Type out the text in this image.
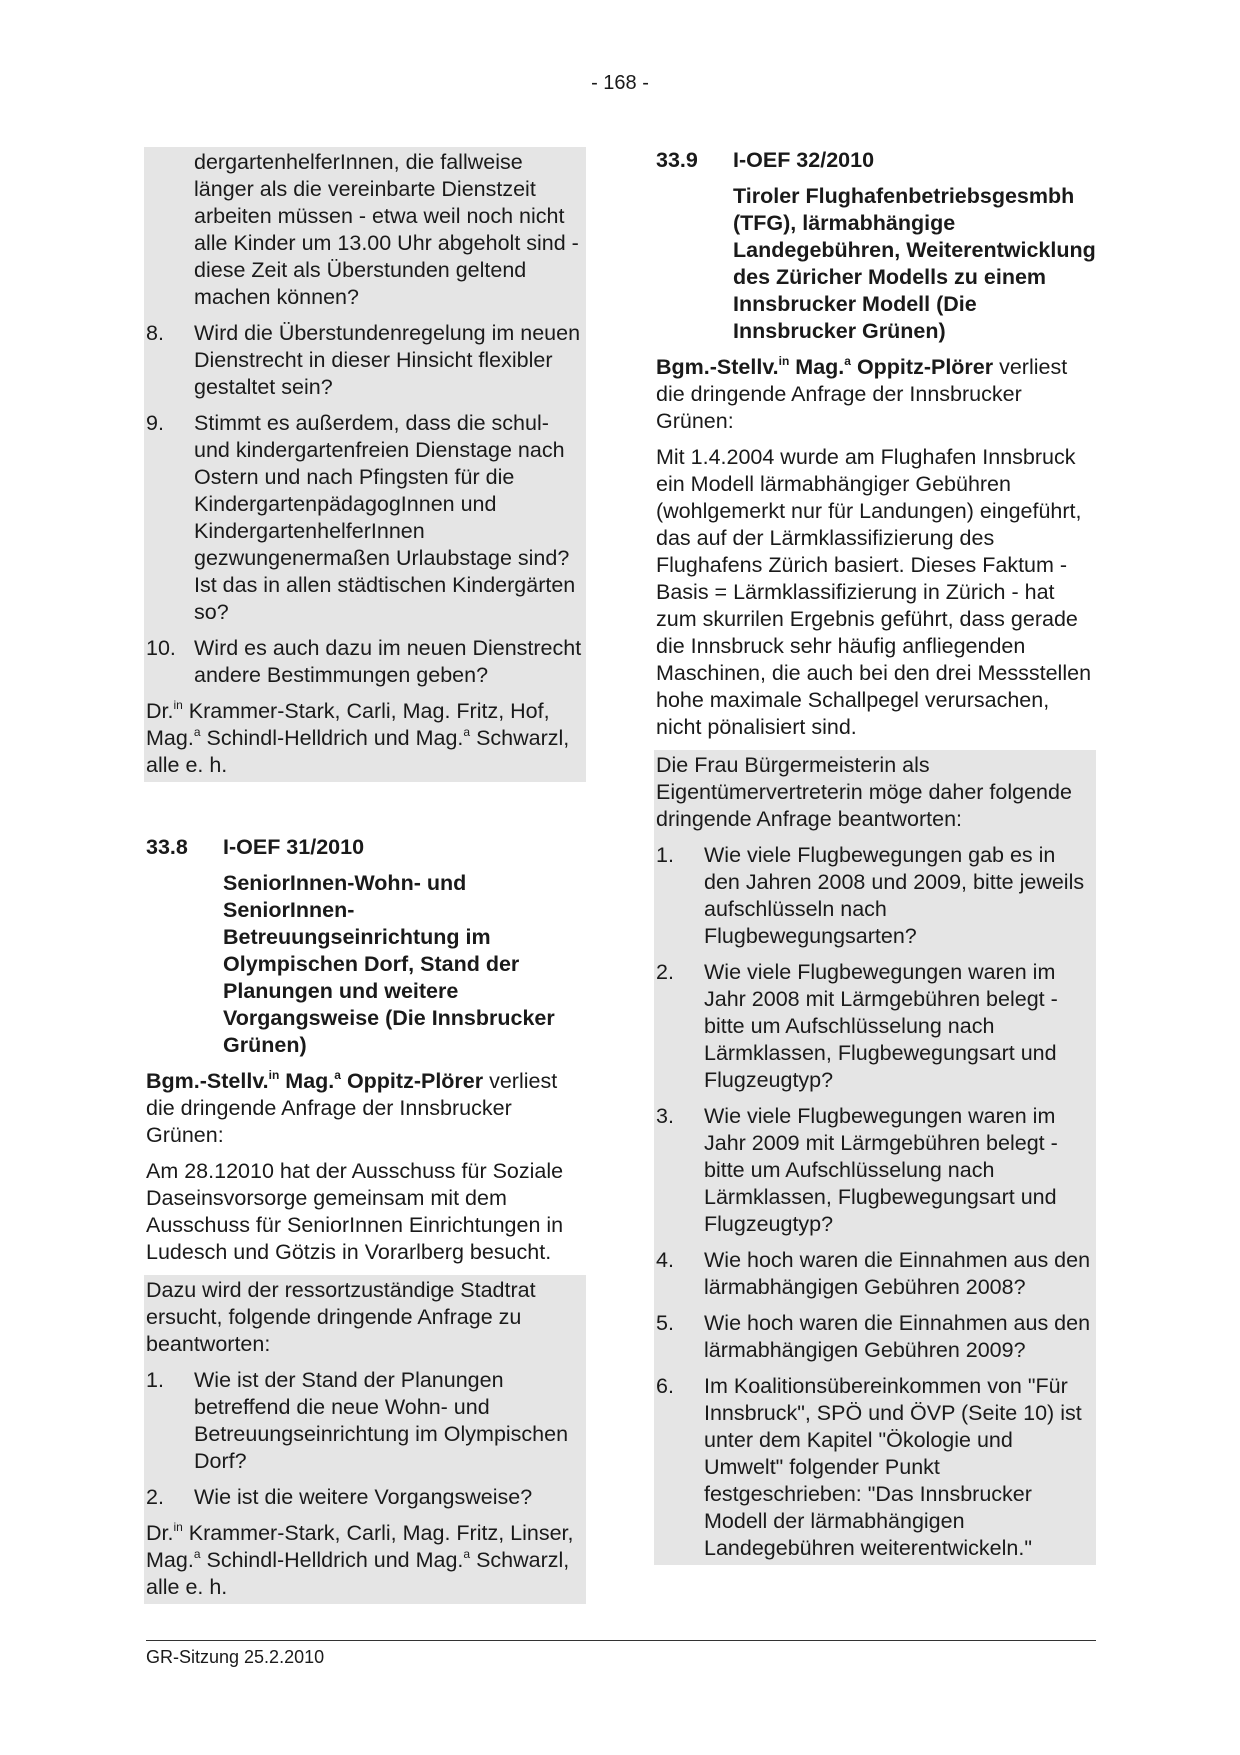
- 168 -
dergartenhelferInnen, die fallweise länger als die vereinbarte Dienstzeit arbeiten müssen - etwa weil noch nicht alle Kinder um 13.00 Uhr abgeholt sind - diese Zeit als Überstunden geltend machen können?
8.	Wird die Überstundenregelung im neuen Dienstrecht in dieser Hinsicht flexibler gestaltet sein?
9.	Stimmt es außerdem, dass die schul- und kindergartenfreien Dienstage nach Ostern und nach Pfingsten für die KindergartenpädagogInnen und KindergartenhelferInnen gezwungenermaßen Urlaubstage sind? Ist das in allen städtischen Kindergärten so?
10. Wird es auch dazu im neuen Dienstrecht andere Bestimmungen geben?

Dr.$^{in}$ Krammer-Stark, Carli, Mag. Fritz, Hof, Mag.$^a$ Schindl-Helldrich und Mag.$^a$ Schwarzl, alle e. h.

33.8	I-OEF 31/2010
SeniorInnen-Wohn- und SeniorInnen-Betreuungseinrichtung im Olympischen Dorf, Stand der Planungen und weitere Vorgangsweise (Die Innsbrucker Grünen)

Bgm.-Stellv.$^{in}$ Mag.$^a$ Oppitz-Plörer verliest die dringende Anfrage der Innsbrucker Grünen:

Am 28.12010 hat der Ausschuss für Soziale Daseinsvorsorge gemeinsam mit dem Ausschuss für SeniorInnen Einrichtungen in Ludesch und Götzis in Vorarlberg besucht.

Dazu wird der ressortzuständige Stadtrat ersucht, folgende dringende Anfrage zu beantworten:

1.	Wie ist der Stand der Planungen betreffend die neue Wohn- und Betreuungseinrichtung im Olympischen Dorf?
2.	Wie ist die weitere Vorgangsweise?

Dr.$^{in}$ Krammer-Stark, Carli, Mag. Fritz, Linser, Mag.$^a$ Schindl-Helldrich und Mag.$^a$ Schwarzl, alle e. h.

33.9	I-OEF 32/2010
Tiroler Flughafenbetriebsgesmbh (TFG), lärmabhängige Landegebühren, Weiterentwicklung des Züricher Modells zu einem Innsbrucker Modell (Die Innsbrucker Grünen)

Bgm.-Stellv.$^{in}$ Mag.$^a$ Oppitz-Plörer verliest die dringende Anfrage der Innsbrucker Grünen:

Mit 1.4.2004 wurde am Flughafen Innsbruck ein Modell lärmabhängiger Gebühren (wohlgemerkt nur für Landungen) eingeführt, das auf der Lärmklassifizierung des Flughafens Zürich basiert. Dieses Faktum - Basis = Lärmklassifizierung in Zürich - hat zum skurrilen Ergebnis geführt, dass gerade die Innsbruck sehr häufig anfliegenden Maschinen, die auch bei den drei Messstellen hohe maximale Schallpegel verursachen, nicht pönalisiert sind.

Die Frau Bürgermeisterin als Eigentümervertreterin möge daher folgende dringende Anfrage beantworten:

1.	Wie viele Flugbewegungen gab es in den Jahren 2008 und 2009, bitte jeweils aufschlüsseln nach Flugbewegungsarten?
2.	Wie viele Flugbewegungen waren im Jahr 2008 mit Lärmgebühren belegt - bitte um Aufschlüsselung nach Lärmklassen, Flugbewegungsart und Flugzeugtyp?
3.	Wie viele Flugbewegungen waren im Jahr 2009 mit Lärmgebühren belegt - bitte um Aufschlüsselung nach Lärmklassen, Flugbewegungsart und Flugzeugtyp?
4.	Wie hoch waren die Einnahmen aus den lärmabhängigen Gebühren 2008?
5.	Wie hoch waren die Einnahmen aus den lärmabhängigen Gebühren 2009?
6.	Im Koalitionsübereinkommen von "Für Innsbruck", SPÖ und ÖVP (Seite 10) ist unter dem Kapitel "Ökologie und Umwelt" folgender Punkt festgeschrieben: "Das Innsbrucker Modell der lärmabhängigen Landegebühren weiterentwickeln."
GR-Sitzung 25.2.2010
